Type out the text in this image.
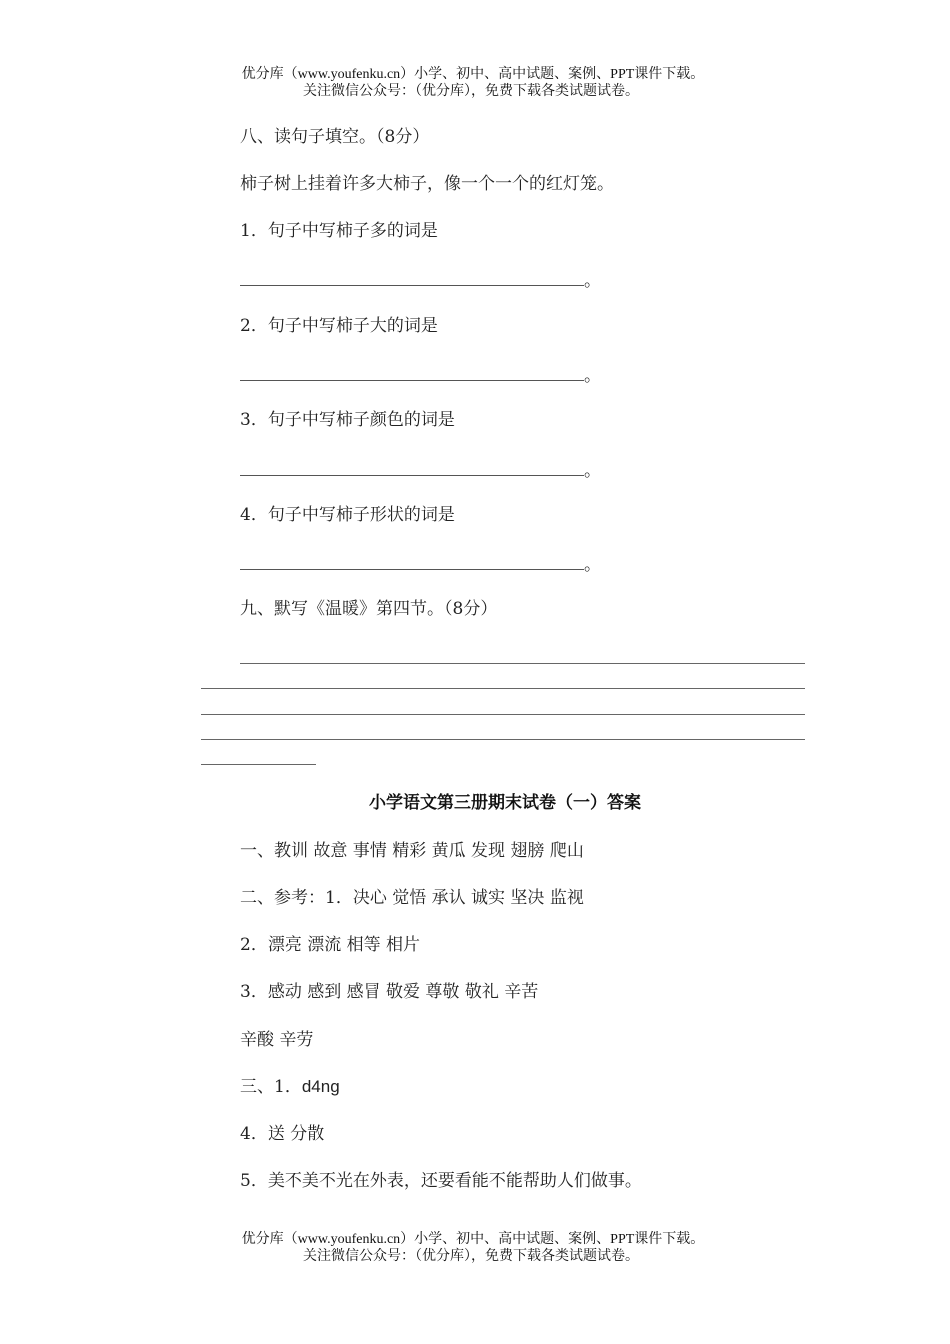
优分库（www.youfenku.cn）小学、初中、高中试题、案例、PPT课件下载。
关注微信公众号：（优分库），免费下载各类试题试卷。
八、读句子填空。（8分）
柿子树上挂着许多大柿子，像一个一个的红灯笼。
1．句子中写柿子多的词是
。
2．句子中写柿子大的词是
。
3．句子中写柿子颜色的词是
。
4．句子中写柿子形状的词是
。
九、默写《温暖》第四节。（8分）
小学语文第三册期末试卷（一）答案
一、教训 故意 事情 精彩 黄瓜 发现 翅膀 爬山
二、参考：1．决心 觉悟 承认 诚实 坚决 监视
2．漂亮 漂流 相等 相片
3．感动 感到 感冒 敬爱 尊敬 敬礼 辛苦
辛酸 辛劳
三、1．d4ng
4．送 分散
5．美不美不光在外表，还要看能不能帮助人们做事。
优分库（www.youfenku.cn）小学、初中、高中试题、案例、PPT课件下载。
关注微信公众号：（优分库），免费下载各类试题试卷。
